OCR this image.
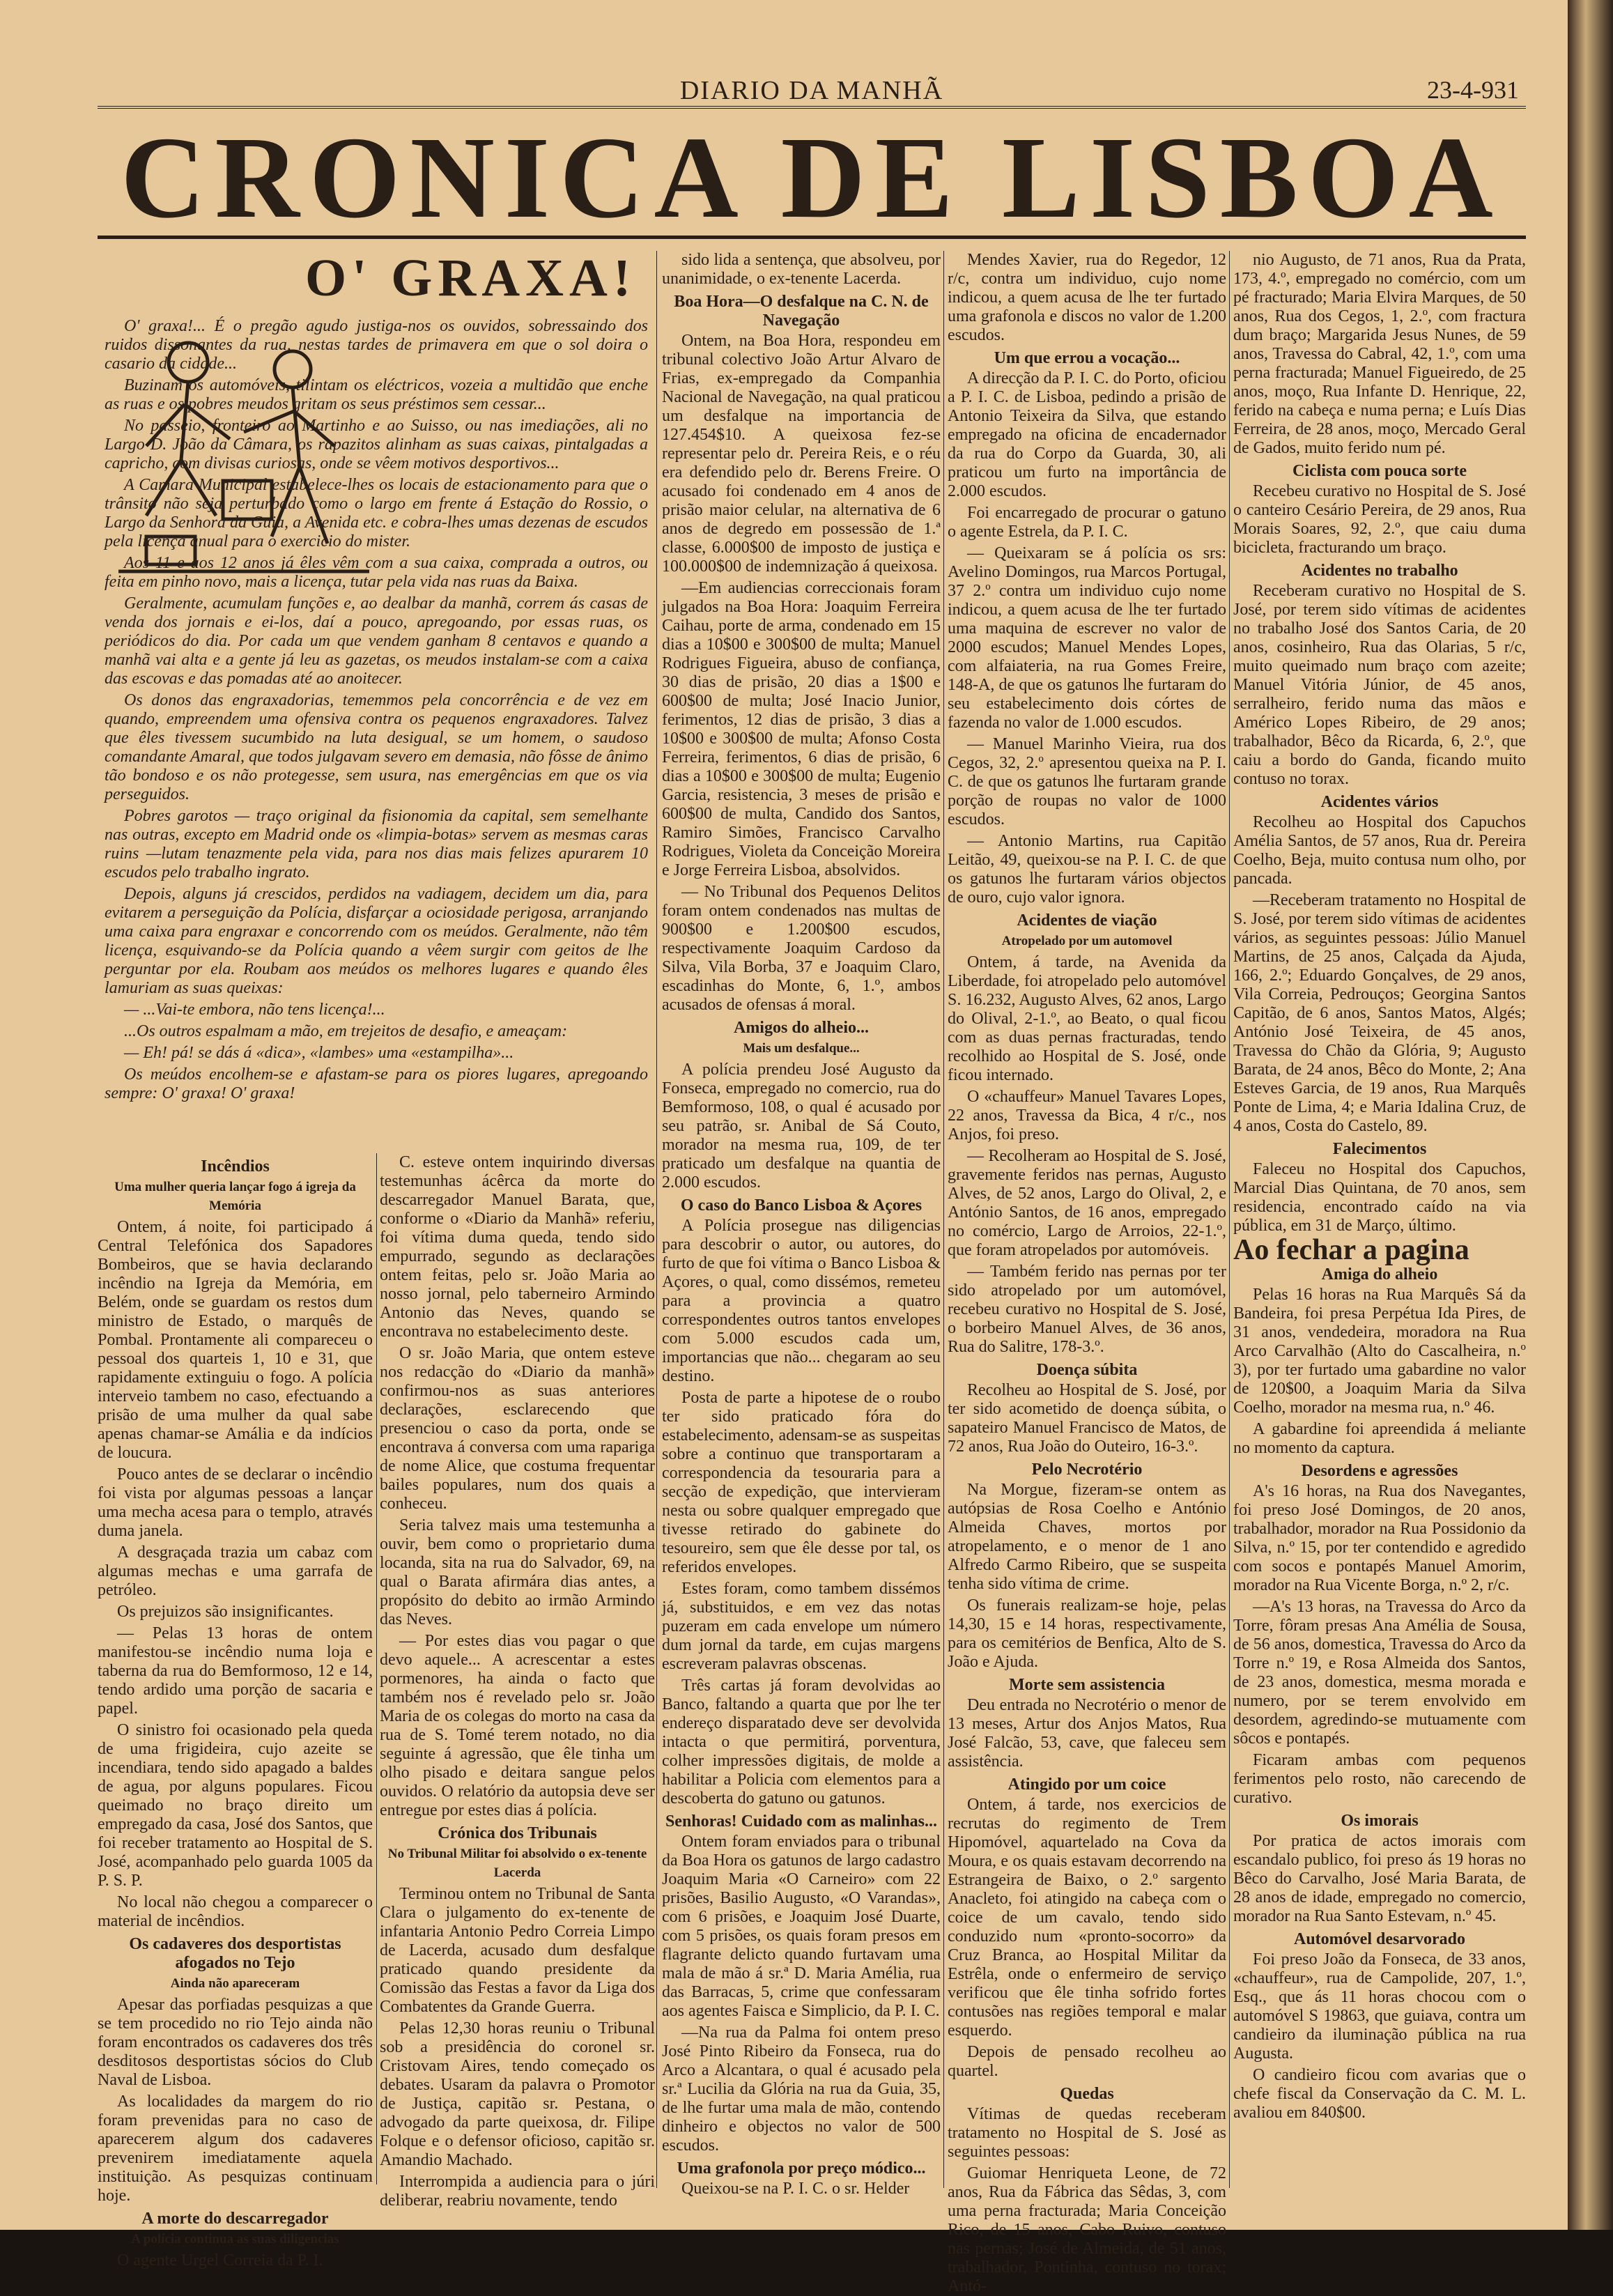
DIARIO DA MANHÃ	23-4-931
CRONICA DE LISBOA
O' GRAXA!

O' graxa!... É o pregão agudo justiga-nos os ouvidos, sobressaindo dos ruidos dissonantes da rua, nestas tardes de primavera em que o sol doira o casario da cidade...

Buzinam os automóveis, tilintam os eléctricos, vozeia a multidão que enche as ruas e os pobres meudos gritam os seus préstimos sem cessar...

No passeio, fronteiro ao Martinho e ao Suisso, ou nas imediações, ali no Largo D. João da Câmara, os rapazitos alinham as suas caixas, pintalgadas a capricho, com divisas curiosas, onde se vêem motivos desportivos...

A Camara Municipal estabelece-lhes os locais de estacionamento para que o trânsito não seja perturbado como o largo em frente á Estação do Rossio, o Largo da Senhora da Guia, a Avenida etc. e cobra-lhes umas dezenas de escudos pela licença anual para o exercicio do mister.

Aos 11 e aos 12 anos já êles vêm com a sua caixa, comprada a outros, ou feita em pinho novo, mais a licença, tutar pela vida nas ruas da Baixa.

Geralmente, acumulam funções e, ao dealbar da manhã, correm ás casas de venda dos jornais e ei-los, daí a pouco, apregoando, por essas ruas, os periódicos do dia. Por cada um que vendem ganham 8 centavos e quando a manhã vai alta e a gente já leu as gazetas, os meudos instalam-se com a caixa das escovas e das pomadas até ao anoitecer.

Os donos das engraxadorias, tememmos pela concorrência e de vez em quando, empreendem uma ofensiva contra os pequenos engraxadores. Talvez que êles tivessem sucumbido na luta desigual, se um homem, o saudoso comandante Amaral, que todos julgavam severo em demasia, não fôsse de ânimo tão bondoso e os não protegesse, sem usura, nas emergências em que os via perseguidos.

Pobres garotos — traço original da fisionomia da capital, sem semelhante nas outras, excepto em Madrid onde os «limpia-botas» servem as mesmas caras ruins —lutam tenazmente pela vida, para nos dias mais felizes apurarem 10 escudos pelo trabalho ingrato.

Depois, alguns já crescidos, perdidos na vadiagem, decidem um dia, para evitarem a perseguição da Polícia, disfarçar a ociosidade perigosa, arranjando uma caixa para engraxar e concorrendo com os meúdos. Geralmente, não têm licença, esquivando-se da Polícia quando a vêem surgir com geitos de lhe perguntar por ela. Roubam aos meúdos os melhores lugares e quando êles lamuriam as suas queixas:

— ...Vai-te embora, não tens licença!...

...Os outros espalmam a mão, em trejeitos de desafio, e ameaçam:

— Eh! pá! se dás á «dica», «lambes» uma «estampilha»...

Os meúdos encolhem-se e afastam-se para os piores lugares, apregoando sempre: O' graxa! O' graxa!

Incêndios
Uma mulher queria lançar fogo á igreja da Memória

Ontem, á noite, foi participado á Central Telefónica dos Sapadores Bombeiros, que se havia declarando incêndio na Igreja da Memória, em Belém, onde se guardam os restos dum ministro de Estado, o marquês de Pombal. Prontamente ali compareceu o pessoal dos quarteis 1, 10 e 31, que rapidamente extinguiu o fogo. A polícia interveio tambem no caso, efectuando a prisão de uma mulher da qual sabe apenas chamar-se Amália e da indícios de loucura.

Pouco antes de se declarar o incêndio foi vista por algumas pessoas a lançar uma mecha acesa para o templo, através duma janela.

A desgraçada trazia um cabaz com algumas mechas e uma garrafa de petróleo.

Os prejuizos são insignificantes.

— Pelas 13 horas de ontem manifestou-se incêndio numa loja e taberna da rua do Bemformoso, 12 e 14, tendo ardido uma porção de sacaria e papel.

O sinistro foi ocasionado pela queda de uma frigideira, cujo azeite se incendiara, tendo sido apagado a baldes de agua, por alguns populares. Ficou queimado no braço direito um empregado da casa, José dos Santos, que foi receber tratamento ao Hospital de S. José, acompanhado pelo guarda 1005 da P. S. P.

No local não chegou a comparecer o material de incêndios.

Os cadaveres dos desportistas afogados no Tejo
Ainda não apareceram

Apesar das porfiadas pesquizas a que se tem procedido no rio Tejo ainda não foram encontrados os cadaveres dos três desditosos desportistas sócios do Club Naval de Lisboa.

As localidades da margem do rio foram prevenidas para no caso de aparecerem algum dos cadaveres prevenirem imediatamente aquela instituição. As pesquizas continuam hoje.

A morte do descarregador
A polícia continua as suas diligencias

O agente Urgel Correia da P. I.

C. esteve ontem inquirindo diversas testemunhas ácêrca da morte do descarregador Manuel Barata, que, conforme o «Diario da Manhã» referiu, foi vítima duma queda, tendo sido empurrado, segundo as declarações ontem feitas, pelo sr. João Maria ao nosso jornal, pelo taberneiro Armindo Antonio das Neves, quando se encontrava no estabelecimento deste.

O sr. João Maria, que ontem esteve nos redacção do «Diario da manhã» confirmou-nos as suas anteriores declarações, esclarecendo que presenciou o caso da porta, onde se encontrava á conversa com uma rapariga de nome Alice, que costuma frequentar bailes populares, num dos quais a conheceu.

Seria talvez mais uma testemunha a ouvir, bem como o proprietario duma locanda, sita na rua do Salvador, 69, na qual o Barata afirmára dias antes, a propósito do debito ao irmão Armindo das Neves.

— Por estes dias vou pagar o que devo aquele... A acrescentar a estes pormenores, ha ainda o facto que também nos é revelado pelo sr. João Maria de os colegas do morto na casa da rua de S. Tomé terem notado, no dia seguinte á agressão, que êle tinha um olho pisado e deitara sangue pelos ouvidos. O relatório da autopsia deve ser entregue por estes dias á polícia.

Crónica dos Tribunais
No Tribunal Militar foi absolvido o ex-tenente Lacerda

Terminou ontem no Tribunal de Santa Clara o julgamento do ex-tenente de infantaria Antonio Pedro Correia Limpo de Lacerda, acusado dum desfalque praticado quando presidente da Comissão das Festas a favor da Liga dos Combatentes da Grande Guerra.

Pelas 12,30 horas reuniu o Tribunal sob a presidência do coronel sr. Cristovam Aires, tendo começado os debates. Usaram da palavra o Promotor de Justiça, capitão sr. Pestana, o advogado da parte queixosa, dr. Filipe Folque e o defensor oficioso, capitão sr. Amandio Machado.

Interrompida a audiencia para o júri deliberar, reabriu novamente, tendo

sido lida a sentença, que absolveu, por unanimidade, o ex-tenente Lacerda.

Boa Hora—O desfalque na C. N. de Navegação

Ontem, na Boa Hora, respondeu em tribunal colectivo João Artur Alvaro de Frias, ex-empregado da Companhia Nacional de Navegação, na qual praticou um desfalque na importancia de 127.454$10. A queixosa fez-se representar pelo dr. Pereira Reis, e o réu era defendido pelo dr. Berens Freire. O acusado foi condenado em 4 anos de prisão maior celular, na alternativa de 6 anos de degredo em possessão de 1.ª classe, 6.000$00 de imposto de justiça e 100.000$00 de indemnização á queixosa.

—Em audiencias correccionais foram julgados na Boa Hora: Joaquim Ferreira Caihau, porte de arma, condenado em 15 dias a 10$00 e 300$00 de multa; Manuel Rodrigues Figueira, abuso de confiança, 30 dias de prisão, 20 dias a 1$00 e 600$00 de multa; José Inacio Junior, ferimentos, 12 dias de prisão, 3 dias a 10$00 e 300$00 de multa; Afonso Costa Ferreira, ferimentos, 6 dias de prisão, 6 dias a 10$00 e 300$00 de multa; Eugenio Garcia, resistencia, 3 meses de prisão e 600$00 de multa, Candido dos Santos, Ramiro Simões, Francisco Carvalho Rodrigues, Violeta da Conceição Moreira e Jorge Ferreira Lisboa, absolvidos.

— No Tribunal dos Pequenos Delitos foram ontem condenados nas multas de 900$00 e 1.200$00 escudos, respectivamente Joaquim Cardoso da Silva, Vila Borba, 37 e Joaquim Claro, escadinhas do Monte, 6, 1.º, ambos acusados de ofensas á moral.

Amigos do alheio...
Mais um desfalque...

A polícia prendeu José Augusto da Fonseca, empregado no comercio, rua do Bemformoso, 108, o qual é acusado por seu patrão, sr. Anibal de Sá Couto, morador na mesma rua, 109, de ter praticado um desfalque na quantia de 2.000 escudos.

O caso do Banco Lisboa & Açores

A Polícia prosegue nas diligencias para descobrir o autor, ou autores, do furto de que foi vítima o Banco Lisboa & Açores, o qual, como dissémos, remeteu para a provincia a quatro correspondentes outros tantos envelopes com 5.000 escudos cada um, importancias que não... chegaram ao seu destino.

Posta de parte a hipotese de o roubo ter sido praticado fóra do estabelecimento, adensam-se as suspeitas sobre a continuo que transportaram a correspondencia da tesouraria para a secção de expedição, que intervieram nesta ou sobre qualquer empregado que tivesse retirado do gabinete do tesoureiro, sem que êle desse por tal, os referidos envelopes.

Estes foram, como tambem dissémos já, substituidos, e em vez das notas puzeram em cada envelope um número dum jornal da tarde, em cujas margens escreveram palavras obscenas.

Três cartas já foram devolvidas ao Banco, faltando a quarta que por lhe ter endereço disparatado deve ser devolvida intacta o que permitirá, porventura, colher impressões digitais, de molde a habilitar a Policia com elementos para a descoberta do gatuno ou gatunos.

Senhoras! Cuidado com as malinhas...

Ontem foram enviados para o tribunal da Boa Hora os gatunos de largo cadastro Joaquim Maria «O Carneiro» com 22 prisões, Basilio Augusto, «O Varandas», com 6 prisões, e Joaquim José Duarte, com 5 prisões, os quais foram presos em flagrante delicto quando furtavam uma mala de mão á sr.ª D. Maria Amélia, rua das Barracas, 5, crime que confessaram aos agentes Faisca e Simplicio, da P. I. C.

—Na rua da Palma foi ontem preso José Pinto Ribeiro da Fonseca, rua do Arco a Alcantara, o qual é acusado pela sr.ª Lucilia da Glória na rua da Guia, 35, de lhe furtar uma mala de mão, contendo dinheiro e objectos no valor de 500 escudos.

Uma grafonola por preço módico...

Queixou-se na P. I. C. o sr. Helder

Mendes Xavier, rua do Regedor, 12 r/c, contra um individuo, cujo nome indicou, a quem acusa de lhe ter furtado uma grafonola e discos no valor de 1.200 escudos.

Um que errou a vocação...

A direcção da P. I. C. do Porto, oficiou a P. I. C. de Lisboa, pedindo a prisão de Antonio Teixeira da Silva, que estando empregado na oficina de encadernador da rua do Corpo da Guarda, 30, ali praticou um furto na importância de 2.000 escudos.

Foi encarregado de procurar o gatuno o agente Estrela, da P. I. C.

— Queixaram se á polícia os srs: Avelino Domingos, rua Marcos Portugal, 37 2.º contra um individuo cujo nome indicou, a quem acusa de lhe ter furtado uma maquina de escrever no valor de 2000 escudos; Manuel Mendes Lopes, com alfaiateria, na rua Gomes Freire, 148-A, de que os gatunos lhe furtaram do seu estabelecimento dois córtes de fazenda no valor de 1.000 escudos.

— Manuel Marinho Vieira, rua dos Cegos, 32, 2.º apresentou queixa na P. I. C. de que os gatunos lhe furtaram grande porção de roupas no valor de 1000 escudos.

— Antonio Martins, rua Capitão Leitão, 49, queixou-se na P. I. C. de que os gatunos lhe furtaram vários objectos de ouro, cujo valor ignora.

Acidentes de viação
Atropelado por um automovel

Ontem, á tarde, na Avenida da Liberdade, foi atropelado pelo automóvel S. 16.232, Augusto Alves, 62 anos, Largo do Olival, 2-1.º, ao Beato, o qual ficou com as duas pernas fracturadas, tendo recolhido ao Hospital de S. José, onde ficou internado.

O «chauffeur» Manuel Tavares Lopes, 22 anos, Travessa da Bica, 4 r/c., nos Anjos, foi preso.

— Recolheram ao Hospital de S. José, gravemente feridos nas pernas, Augusto Alves, de 52 anos, Largo do Olival, 2, e António Santos, de 16 anos, empregado no comércio, Largo de Arroios, 22-1.º, que foram atropelados por automóveis.

— Também ferido nas pernas por ter sido atropelado por um automóvel, recebeu curativo no Hospital de S. José, o borbeiro Manuel Alves, de 36 anos, Rua do Salitre, 178-3.º.

Doença súbita

Recolheu ao Hospital de S. José, por ter sido acometido de doença súbita, o sapateiro Manuel Francisco de Matos, de 72 anos, Rua João do Outeiro, 16-3.º.

Pelo Necrotério

Na Morgue, fizeram-se ontem as autópsias de Rosa Coelho e António Almeida Chaves, mortos por atropelamento, e o menor de 1 ano Alfredo Carmo Ribeiro, que se suspeita tenha sido vítima de crime.

Os funerais realizam-se hoje, pelas 14,30, 15 e 14 horas, respectivamente, para os cemitérios de Benfica, Alto de S. João e Ajuda.

Morte sem assistencia

Deu entrada no Necrotério o menor de 13 meses, Artur dos Anjos Matos, Rua José Falcão, 53, cave, que faleceu sem assistência.

Atingido por um coice

Ontem, á tarde, nos exercicios de recrutas do regimento de Trem Hipomóvel, aquartelado na Cova da Moura, e os quais estavam decorrendo na Estrangeira de Baixo, o 2.º sargento Anacleto, foi atingido na cabeça com o coice de um cavalo, tendo sido conduzido num «pronto-socorro» da Cruz Branca, ao Hospital Militar da Estrêla, onde o enfermeiro de serviço verificou que êle tinha sofrido fortes contusões nas regiões temporal e malar esquerdo.

Depois de pensado recolheu ao quartel.

Quedas

Vítimas de quedas receberam tratamento no Hospital de S. José as seguintes pessoas:

Guiomar Henriqueta Leone, de 72 anos, Rua da Fábrica das Sêdas, 3, com uma perna fracturada; Maria Conceição Rico, de 15 anos, Cabo Ruivo, contuso nas pernas; José de Almeida, de 51 anos, trabalhador, Pontinha, contuso no torax; Antó-

nio Augusto, de 71 anos, Rua da Prata, 173, 4.º, empregado no comércio, com um pé fracturado; Maria Elvira Marques, de 50 anos, Rua dos Cegos, 1, 2.º, com fractura dum braço; Margarida Jesus Nunes, de 59 anos, Travessa do Cabral, 42, 1.º, com uma perna fracturada; Manuel Figueiredo, de 25 anos, moço, Rua Infante D. Henrique, 22, ferido na cabeça e numa perna; e Luís Dias Ferreira, de 28 anos, moço, Mercado Geral de Gados, muito ferido num pé.

Ciclista com pouca sorte

Recebeu curativo no Hospital de S. José o canteiro Cesário Pereira, de 29 anos, Rua Morais Soares, 92, 2.º, que caiu duma bicicleta, fracturando um braço.

Acidentes no trabalho

Receberam curativo no Hospital de S. José, por terem sido vítimas de acidentes no trabalho José dos Santos Caria, de 20 anos, cosinheiro, Rua das Olarias, 5 r/c, muito queimado num braço com azeite; Manuel Vitória Júnior, de 45 anos, serralheiro, ferido numa das mãos e Américo Lopes Ribeiro, de 29 anos; trabalhador, Bêco da Ricarda, 6, 2.º, que caiu a bordo do Ganda, ficando muito contuso no torax.

Acidentes vários

Recolheu ao Hospital dos Capuchos Amélia Santos, de 57 anos, Rua dr. Pereira Coelho, Beja, muito contusa num olho, por pancada.

—Receberam tratamento no Hospital de S. José, por terem sido vítimas de acidentes vários, as seguintes pessoas: Júlio Manuel Martins, de 25 anos, Calçada da Ajuda, 166, 2.º; Eduardo Gonçalves, de 29 anos, Vila Correia, Pedrouços; Georgina Santos Capitão, de 6 anos, Santos Matos, Algés; António José Teixeira, de 45 anos, Travessa do Chão da Glória, 9; Augusto Barata, de 24 anos, Bêco do Monte, 2; Ana Esteves Garcia, de 19 anos, Rua Marquês Ponte de Lima, 4; e Maria Idalina Cruz, de 4 anos, Costa do Castelo, 89.

Falecimentos

Faleceu no Hospital dos Capuchos, Marcial Dias Quintana, de 70 anos, sem residencia, encontrado caído na via pública, em 31 de Março, último.

Ao fechar a pagina
Amiga do alheio

Pelas 16 horas na Rua Marquês Sá da Bandeira, foi presa Perpétua Ida Pires, de 31 anos, vendedeira, moradora na Rua Arco Carvalhão (Alto do Cascalheira, n.º 3), por ter furtado uma gabardine no valor de 120$00, a Joaquim Maria da Silva Coelho, morador na mesma rua, n.º 46.

A gabardine foi apreendida á meliante no momento da captura.

Desordens e agressões

A's 16 horas, na Rua dos Navegantes, foi preso José Domingos, de 20 anos, trabalhador, morador na Rua Possidonio da Silva, n.º 15, por ter contendido e agredido com socos e pontapés Manuel Amorim, morador na Rua Vicente Borga, n.º 2, r/c.

—A's 13 horas, na Travessa do Arco da Torre, fôram presas Ana Amélia de Sousa, de 56 anos, domestica, Travessa do Arco da Torre n.º 19, e Rosa Almeida dos Santos, de 23 anos, domestica, mesma morada e numero, por se terem envolvido em desordem, agredindo-se mutuamente com sôcos e pontapés.

Ficaram ambas com pequenos ferimentos pelo rosto, não carecendo de curativo.

Os imorais

Por pratica de actos imorais com escandalo publico, foi preso ás 19 horas no Bêco do Carvalho, José Maria Barata, de 28 anos de idade, empregado no comercio, morador na Rua Santo Estevam, n.º 45.

Automóvel desarvorado

Foi preso João da Fonseca, de 33 anos, «chauffeur», rua de Campolide, 207, 1.º, Esq., que ás 11 horas chocou com o automóvel S 19863, que guiava, contra um candieiro da iluminação pública na rua Augusta.

O candieiro ficou com avarias que o chefe fiscal da Conservação da C. M. L. avaliou em 840$00.
